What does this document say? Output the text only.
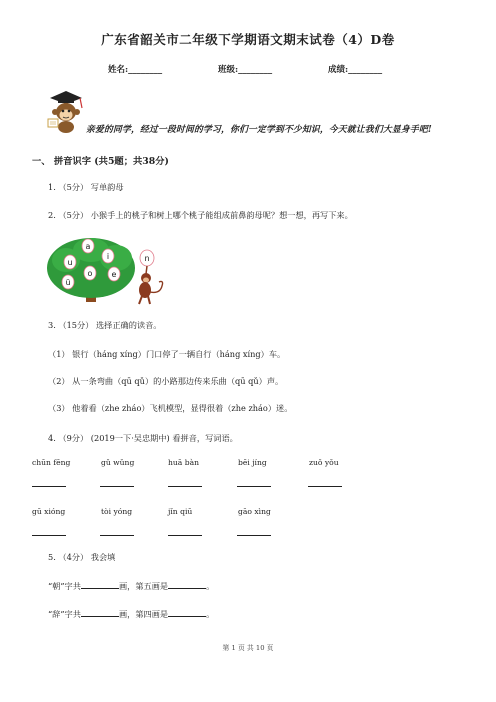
广东省韶关市二年级下学期语文期末试卷（4）D卷
姓名:________	班级:________	成绩:________
亲爱的同学，经过一段时间的学习，你们一定学到不少知识，今天就让我们大显身手吧!
一、 拼音识字 (共5题；共38分)
1. （5分） 写单韵母
2. （5分） 小猴手上的桃子和树上哪个桃子能组成前鼻韵母呢？想一想，再写下来。
a
i
u
e
o
ü
n
3. （15分） 选择正确的读音。
（1） 银行（háng xíng）门口停了一辆自行（háng xíng）车。
（2） 从一条弯曲（qū qǔ）的小路那边传来乐曲（qū qǔ）声。
（3） 他着看（zhe zháo）飞机模型，显得很着（zhe zháo）迷。
4. （9分） (2019一下·吴忠期中) 看拼音，写词语。
chūn fēng	gǔ wǔng	huā bàn	bēi jíng	zuǒ yǒu
gū xióng	tòi yóng	jǐn qiū	gāo xìng
5. （4分） 我会填
“朝”字共	画，第五画是	。
“辞”字共	画，第四画是	。
第 1 页 共 10 页
